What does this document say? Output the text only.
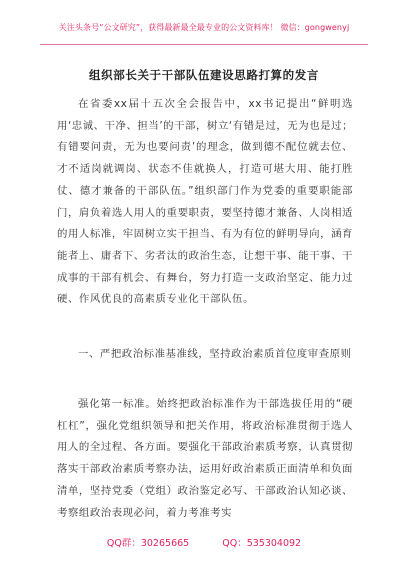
关注头条号“公文研究”，获得最新最全最专业的公文资料库！ 微信：gongwenyj
组织部长关于干部队伍建设思路打算的发言
在省委xx届十五次全会报告中，xx书记提出“鲜明选用‘忠诚、干净、担当’的干部，树立‘有错是过，无为也是过；有错要问责，无为也要问责’的理念，做到德不配位就去位、才不适岗就调岗、状态不佳就换人，打造可堪大用、能打胜仗、德才兼备的干部队伍。”组织部门作为党委的重要职能部门，肩负着选人用人的重要职责，要坚持德才兼备、人岗相适的用人标准，牢固树立实干担当、有为有位的鲜明导向，涵育能者上、庸者下、劣者汰的政治生态，让想干事、能干事、干成事的干部有机会、有舞台，努力打造一支政治坚定、能力过硬、作风优良的高素质专业化干部队伍。
一、严把政治标准基准线，坚持政治素质首位度审查原则
强化第一标准。始终把政治标准作为干部选拔任用的“硬杠杠”，强化党组织领导和把关作用，将政治标准贯彻于选人用人的全过程、各方面。要强化干部政治素质考察，认真贯彻落实干部政治素质考察办法，运用好政治素质正面清单和负面清单，坚持党委（党组）政治鉴定必写、干部政治认知必谈、考察组政治表现必问，着力考准考实
QQ群：30265665	QQ：535304092
